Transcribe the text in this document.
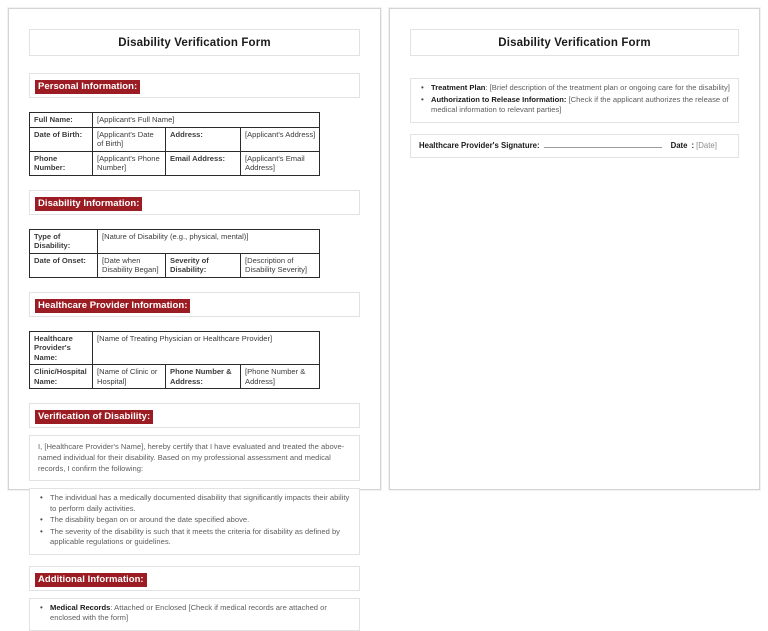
Disability Verification Form
Personal Information:
Full Name:	[Applicant's Full Name]		
Date of Birth:	[Applicant's Date of Birth]	Address:	[Applicant's Address]
Phone Number:	[Applicant's Phone Number]	Email Address:	[Applicant's Email Address]
Disability Information:
Type of Disability:	[Nature of Disability (e.g., physical, mental)]		
Date of Onset:	[Date when Disability Began]	Severity of Disability:	[Description of Disability Severity]
Healthcare Provider Information:
Healthcare Provider's Name:	[Name of Treating Physician or Healthcare Provider]		
Clinic/Hospital Name:	[Name of Clinic or Hospital]	Phone Number & Address:	[Phone Number & Address]
Verification of Disability:
I, [Healthcare Provider's Name], hereby certify that I have evaluated and treated the above-named individual for their disability. Based on my professional assessment and medical records, I confirm the following:
• The individual has a medically documented disability that significantly impacts their ability to perform daily activities.
• The disability began on or around the date specified above.
• The severity of the disability is such that it meets the criteria for disability as defined by applicable regulations or guidelines.
Additional Information:
• Medical Records: Attached or Enclosed [Check if medical records are attached or enclosed with the form]
Disability Verification Form
• Treatment Plan: [Brief description of the treatment plan or ongoing care for the disability]
• Authorization to Release Information: [Check if the applicant authorizes the release of medical information to relevant parties]
Healthcare Provider's Signature:	Date : [Date]
